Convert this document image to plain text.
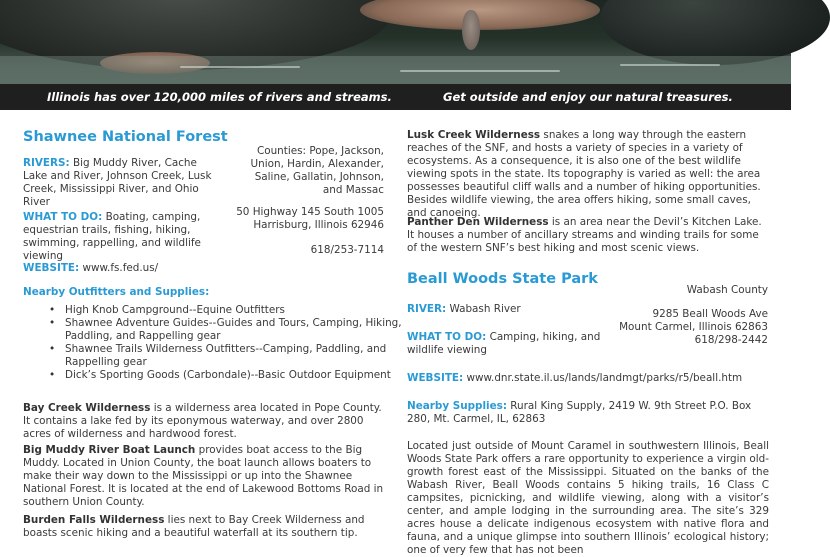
Illinois has over 120,000 miles of rivers and streams.	Get outside and enjoy our natural treasures.
Shawnee National Forest
RIVERS: Big Muddy River, Cache Lake and River, Johnson Creek, Lusk Creek, Mississippi River, and Ohio River
Counties: Pope, Jackson,
Union, Hardin, Alexander,
Saline, Gallatin, Johnson,
and Massac
WHAT TO DO: Boating, camping, equestrian trails, fishing, hiking, swimming, rappelling, and wildlife viewing
50 Highway 145 South 1005
Harrisburg, Illinois 62946
618/253-7114
WEBSITE: www.fs.fed.us/
Nearby Outfitters and Supplies:
• High Knob Campground--Equine Outfitters
• Shawnee Adventure Guides--Guides and Tours, Camping, Hiking, Paddling, and Rappelling gear
• Shawnee Trails Wilderness Outfitters--Camping, Paddling, and Rappelling gear
• Dick’s Sporting Goods (Carbondale)--Basic Outdoor Equipment

Bay Creek Wilderness is a wilderness area located in Pope County. It contains a lake fed by its eponymous waterway, and over 2800 acres of wilderness and hardwood forest.

Big Muddy River Boat Launch provides boat access to the Big Muddy. Located in Union County, the boat launch allows boaters to make their way down to the Mississippi or up into the Shawnee National Forest. It is located at the end of Lakewood Bottoms Road in southern Union County.

Burden Falls Wilderness lies next to Bay Creek Wilderness and boasts scenic hiking and a beautiful waterfall at its southern tip.

Lusk Creek Wilderness snakes a long way through the eastern reaches of the SNF, and hosts a variety of species in a variety of ecosystems. As a consequence, it is also one of the best wildlife viewing spots in the state. Its topography is varied as well: the area possesses beautiful cliff walls and a number of hiking opportunities. Besides wildlife viewing, the area offers hiking, some small caves, and canoeing.

Panther Den Wilderness is an area near the Devil’s Kitchen Lake. It houses a number of ancillary streams and winding trails for some of the western SNF’s best hiking and most scenic views.

Beall Woods State Park
Wabash County
RIVER: Wabash River	9285 Beall Woods Ave
Mount Carmel, Illinois 62863
618/298-2442
WHAT TO DO: Camping, hiking, and wildlife viewing
WEBSITE: www.dnr.state.il.us/lands/landmgt/parks/r5/beall.htm
Nearby Supplies: Rural King Supply, 2419 W. 9th Street P.O. Box 280, Mt. Carmel, IL, 62863

Located just outside of Mount Caramel in southwestern Illinois, Beall Woods State Park offers a rare opportunity to experience a virgin old-growth forest east of the Mississippi. Situated on the banks of the Wabash River, Beall Woods contains 5 hiking trails, 16 Class C campsites, picnicking, and wildlife viewing, along with a visitor’s center, and ample lodging in the surrounding area. The site’s 329 acres house a delicate indigenous ecosystem with native flora and fauna, and a unique glimpse into southern Illinois’ ecological history; one of very few that has not been
